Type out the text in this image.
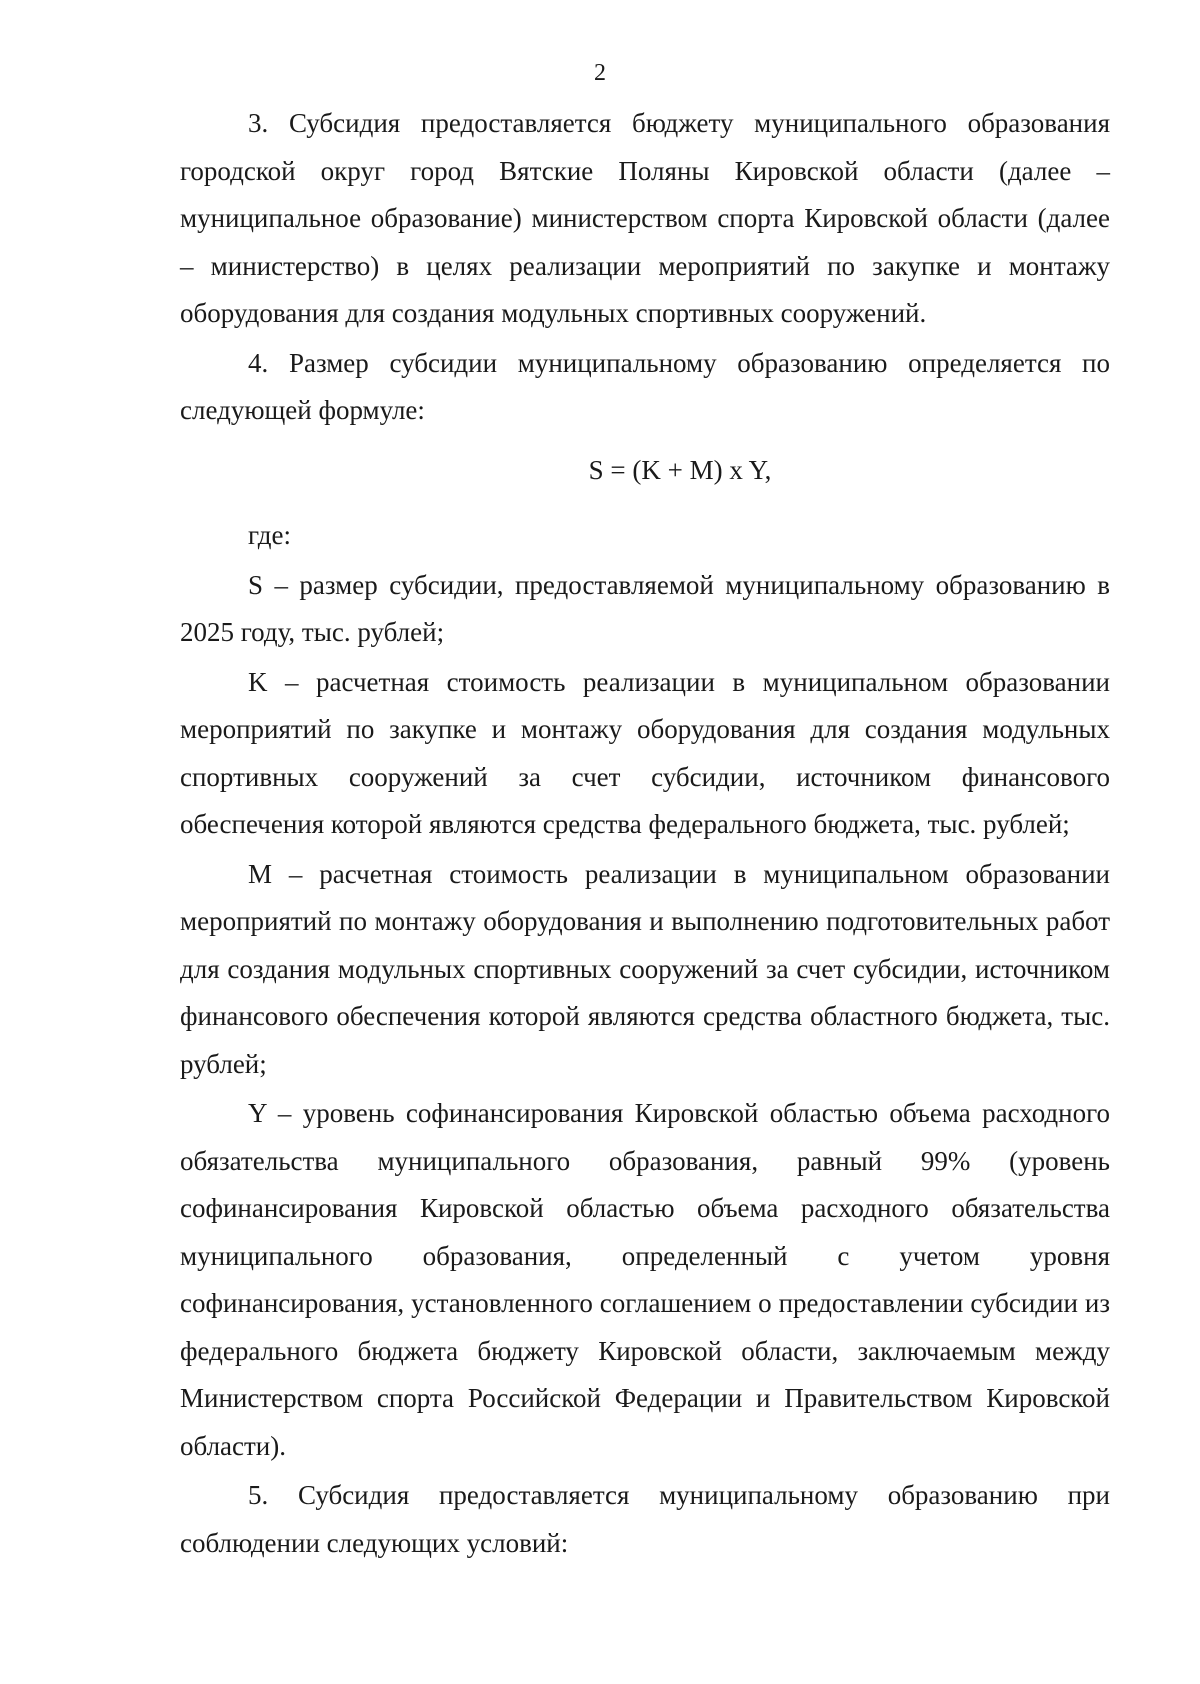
2

3. Субсидия предоставляется бюджету муниципального образования городской округ город Вятские Поляны Кировской области (далее – муниципальное образование) министерством спорта Кировской области (далее – министерство) в целях реализации мероприятий по закупке и монтажу оборудования для создания модульных спортивных сооружений.

4. Размер субсидии муниципальному образованию определяется по следующей формуле:

S = (K + M) x Y,

где:

S – размер субсидии, предоставляемой муниципальному образованию в 2025 году, тыс. рублей;

K – расчетная стоимость реализации в муниципальном образовании мероприятий по закупке и монтажу оборудования для создания модульных спортивных сооружений за счет субсидии, источником финансового обеспечения которой являются средства федерального бюджета, тыс. рублей;

M – расчетная стоимость реализации в муниципальном образовании мероприятий по монтажу оборудования и выполнению подготовительных работ для создания модульных спортивных сооружений за счет субсидии, источником финансового обеспечения которой являются средства областного бюджета, тыс. рублей;

Y – уровень софинансирования Кировской областью объема расходного обязательства муниципального образования, равный 99% (уровень софинансирования Кировской областью объема расходного обязательства муниципального образования, определенный с учетом уровня софинансирования, установленного соглашением о предоставлении субсидии из федерального бюджета бюджету Кировской области, заключаемым между Министерством спорта Российской Федерации и Правительством Кировской области).

5. Субсидия предоставляется муниципальному образованию при соблюдении следующих условий:
